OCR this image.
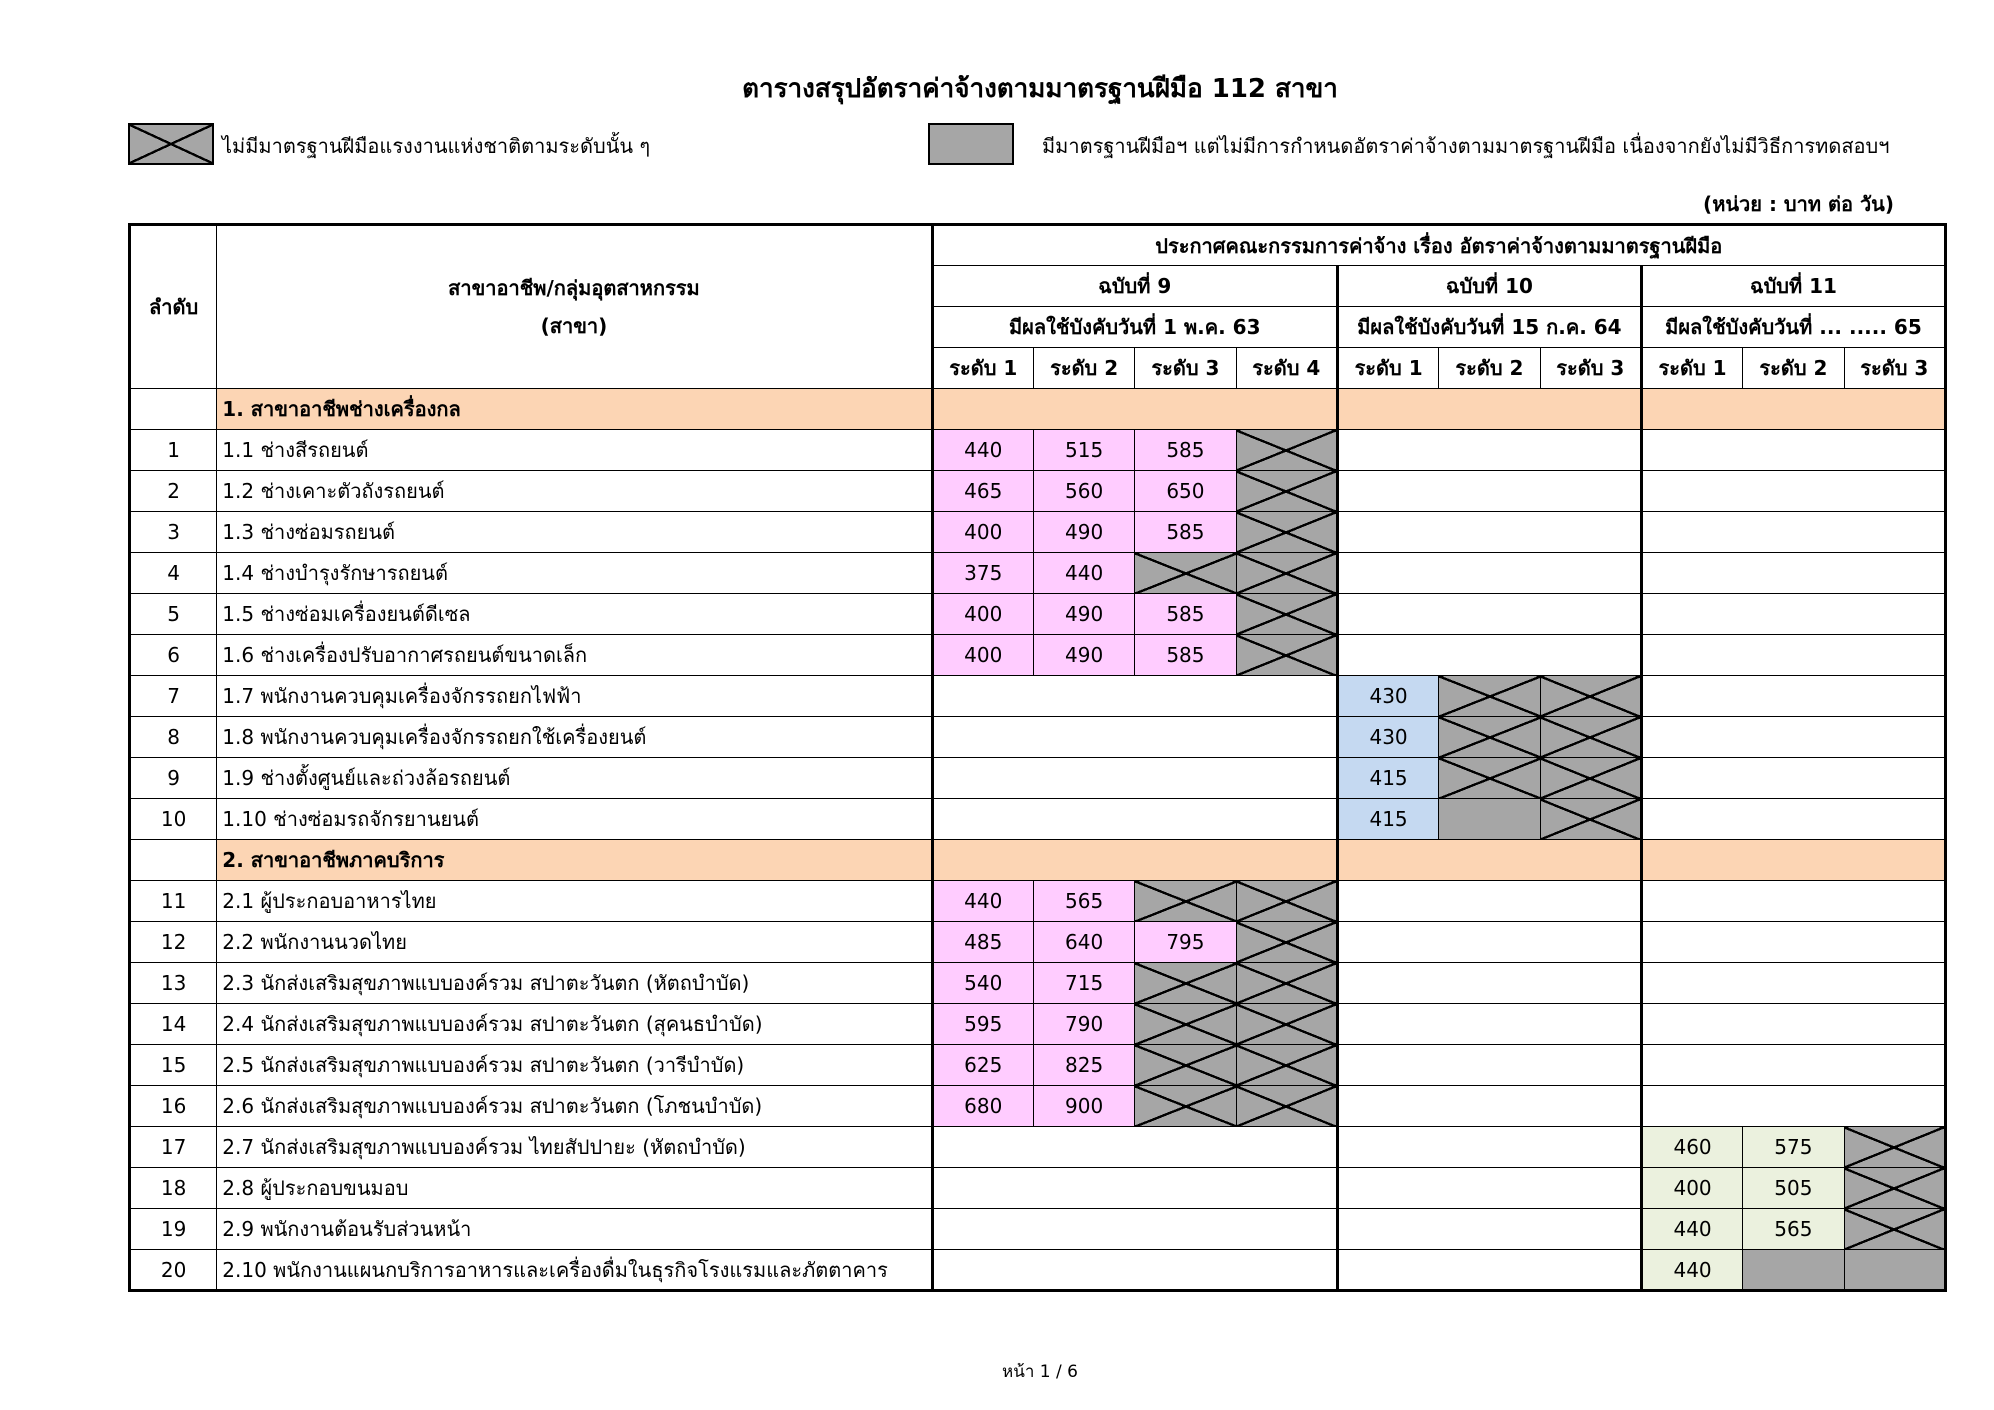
ตารางสรุปอัตราค่าจ้างตามมาตรฐานฝีมือ 112 สาขา
ไม่มีมาตรฐานฝีมือแรงงานแห่งชาติตามระดับนั้น ๆ	มีมาตรฐานฝีมือฯ แต่ไม่มีการกำหนดอัตราค่าจ้างตามมาตรฐานฝีมือ เนื่องจากยังไม่มีวิธีการทดสอบฯ
(หน่วย : บาท ต่อ วัน)
ลำดับ	สาขาอาชีพ/กลุ่มอุตสาหกรรม
(สาขา)	ประกาศคณะกรรมการค่าจ้าง เรื่อง อัตราค่าจ้างตามมาตรฐานฝีมือ									
		ฉบับที่ 9				ฉบับที่ 10			ฉบับที่ 11		
		มีผลใช้บังคับวันที่ 1 พ.ค. 63				มีผลใช้บังคับวันที่ 15 ก.ค. 64			มีผลใช้บังคับวันที่ ... ..... 65		
		ระดับ 1	ระดับ 2	ระดับ 3	ระดับ 4	ระดับ 1	ระดับ 2	ระดับ 3	ระดับ 1	ระดับ 2	ระดับ 3
	1. สาขาอาชีพช่างเครื่องกล										
1	1.1 ช่างสีรถยนต์	440	515	585							
2	1.2 ช่างเคาะตัวถังรถยนต์	465	560	650							
3	1.3 ช่างซ่อมรถยนต์	400	490	585							
4	1.4 ช่างบำรุงรักษารถยนต์	375	440								
5	1.5 ช่างซ่อมเครื่องยนต์ดีเซล	400	490	585							
6	1.6 ช่างเครื่องปรับอากาศรถยนต์ขนาดเล็ก	400	490	585							
7	1.7 พนักงานควบคุมเครื่องจักรรถยกไฟฟ้า					430					
8	1.8 พนักงานควบคุมเครื่องจักรรถยกใช้เครื่องยนต์					430					
9	1.9 ช่างตั้งศูนย์และถ่วงล้อรถยนต์					415					
10	1.10 ช่างซ่อมรถจักรยานยนต์					415					
	2. สาขาอาชีพภาคบริการ										
11	2.1 ผู้ประกอบอาหารไทย	440	565								
12	2.2 พนักงานนวดไทย	485	640	795							
13	2.3 นักส่งเสริมสุขภาพแบบองค์รวม สปาตะวันตก (หัตถบำบัด)	540	715								
14	2.4 นักส่งเสริมสุขภาพแบบองค์รวม สปาตะวันตก (สุคนธบำบัด)	595	790								
15	2.5 นักส่งเสริมสุขภาพแบบองค์รวม สปาตะวันตก (วารีบำบัด)	625	825								
16	2.6 นักส่งเสริมสุขภาพแบบองค์รวม สปาตะวันตก (โภชนบำบัด)	680	900								
17	2.7 นักส่งเสริมสุขภาพแบบองค์รวม ไทยสัปปายะ (หัตถบำบัด)								460	575	
18	2.8 ผู้ประกอบขนมอบ								400	505	
19	2.9 พนักงานต้อนรับส่วนหน้า								440	565	
20	2.10 พนักงานแผนกบริการอาหารและเครื่องดื่มในธุรกิจโรงแรมและภัตตาคาร								440		
หน้า 1 / 6
